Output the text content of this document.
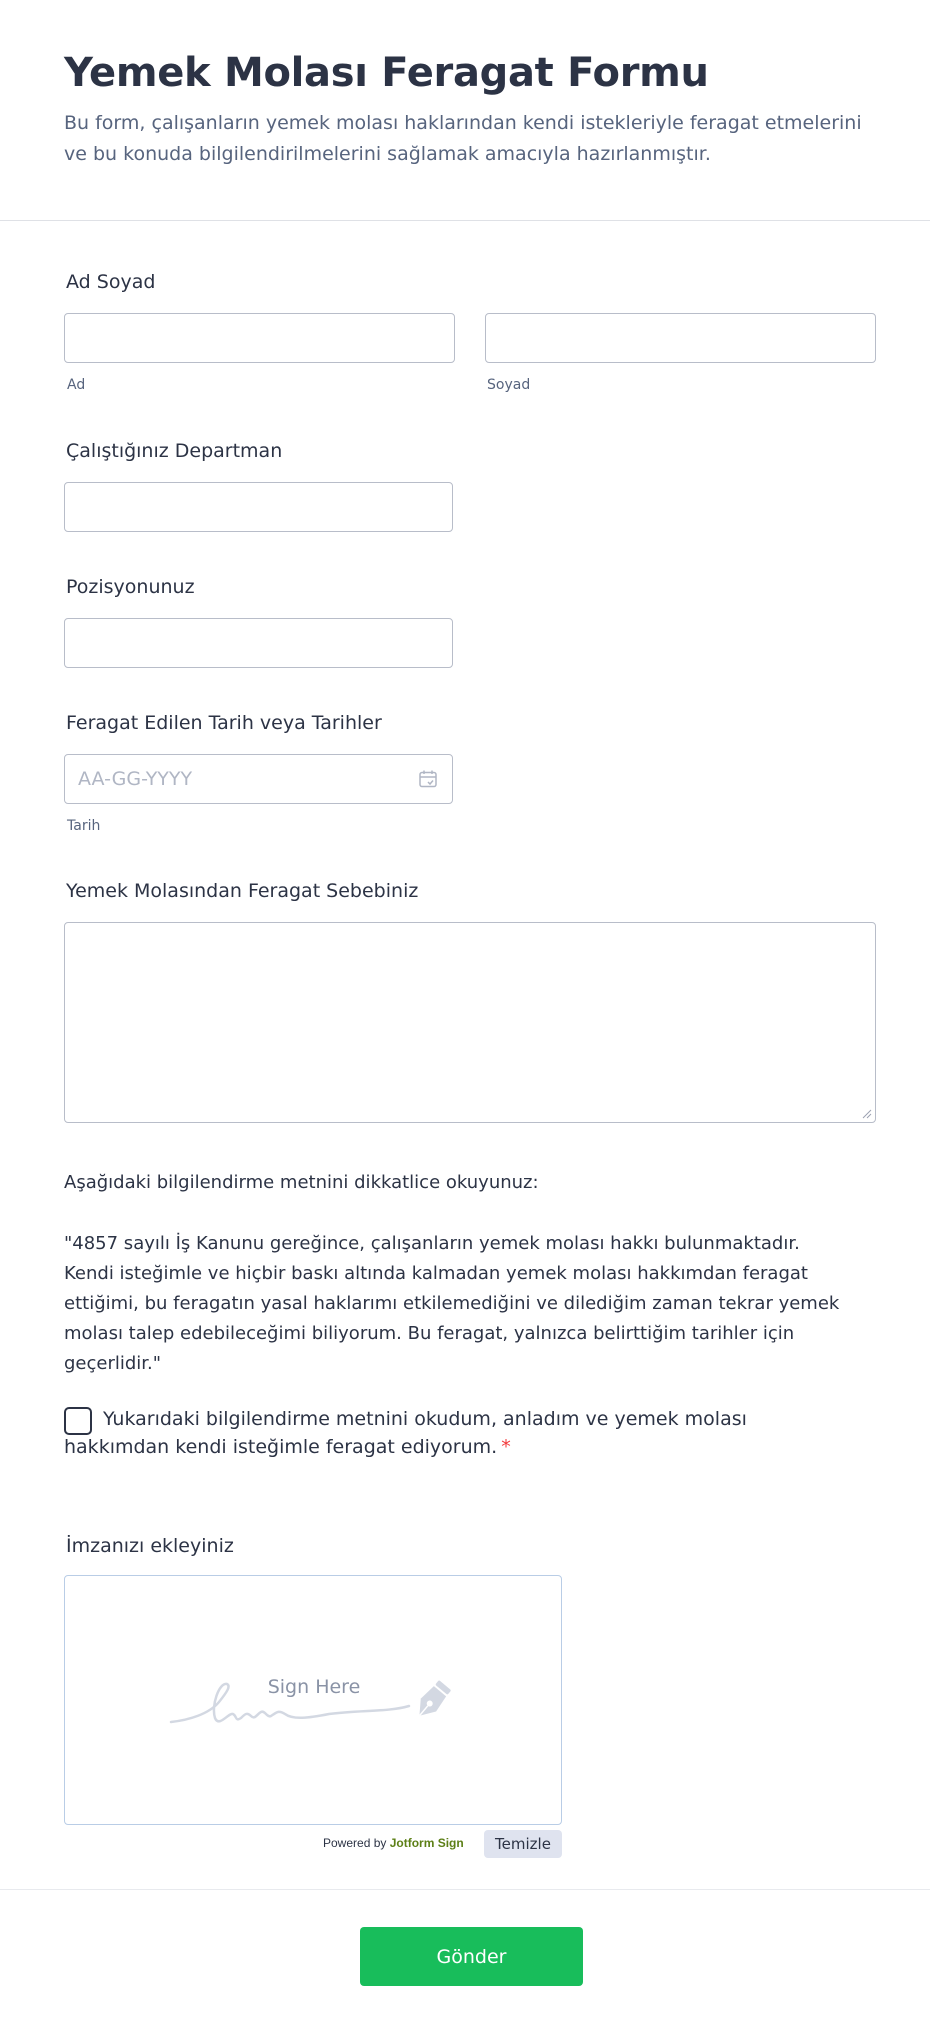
Yemek Molası Feragat Formu

Bu form, çalışanların yemek molası haklarından kendi istekleriyle feragat etmelerini ve bu konuda bilgilendirilmelerini sağlamak amacıyla hazırlanmıştır.

Ad Soyad
Ad	Soyad
Çalıştığınız Departman
Pozisyonunuz
Feragat Edilen Tarih veya Tarihler
AA-GG-YYYY
Tarih
Yemek Molasından Feragat Sebebiniz

Aşağıdaki bilgilendirme metnini dikkatlice okuyunuz:

"4857 sayılı İş Kanunu gereğince, çalışanların yemek molası hakkı bulunmaktadır. Kendi isteğimle ve hiçbir baskı altında kalmadan yemek molası hakkımdan feragat ettiğimi, bu feragatın yasal haklarımı etkilemediğini ve dilediğim zaman tekrar yemek molası talep edebileceğimi biliyorum. Bu feragat, yalnızca belirttiğim tarihler için geçerlidir."

Yukarıdaki bilgilendirme metnini okudum, anladım ve yemek molası hakkımdan kendi isteğimle feragat ediyorum. *

İmzanızı ekleyiniz
Sign Here
Powered by Jotform Sign	Temizle
Gönder
